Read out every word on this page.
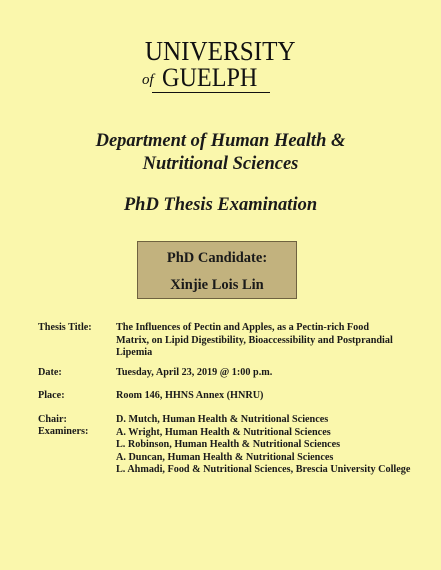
UNIVERSITY
of GUELPH
Department of Human Health &
Nutritional Sciences
PhD Thesis Examination
PhD Candidate:
Xinjie Lois Lin
Thesis Title: The Influences of Pectin and Apples, as a Pectin-rich Food
Matrix, on Lipid Digestibility, Bioaccessibility and Postprandial
Lipemia
Date:	Tuesday, April 23, 2019 @ 1:00 p.m.
Place:	Room 146, HHNS Annex (HNRU)
Chair:
Examiners:
D. Mutch, Human Health & Nutritional Sciences
A. Wright, Human Health & Nutritional Sciences
L. Robinson, Human Health & Nutritional Sciences
A. Duncan, Human Health & Nutritional Sciences
L. Ahmadi, Food & Nutritional Sciences, Brescia University College
